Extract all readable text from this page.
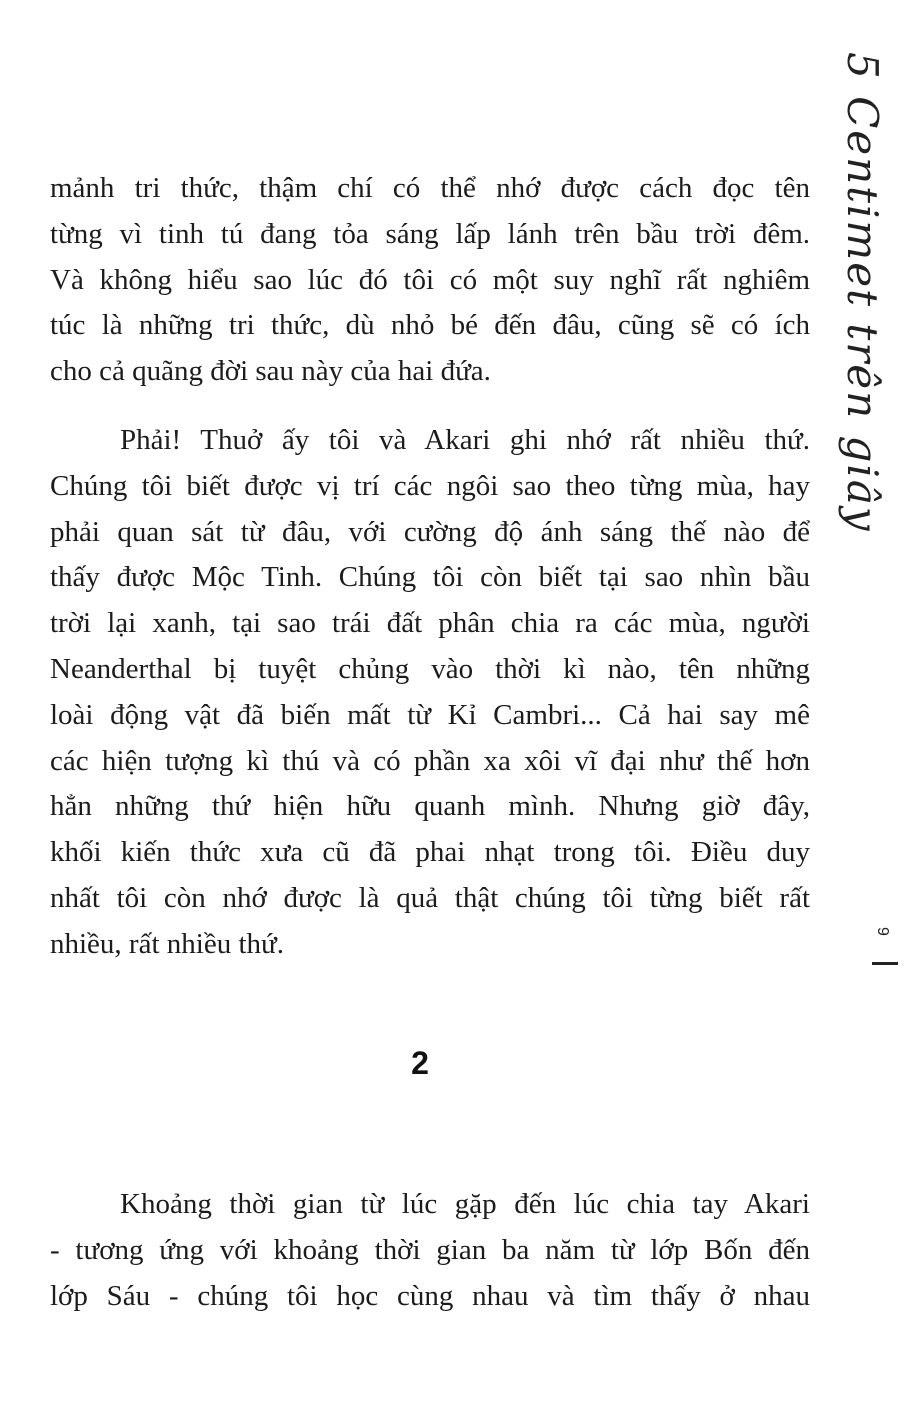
mảnh tri thức, thậm chí có thể nhớ được cách đọc tên
từng vì tinh tú đang tỏa sáng lấp lánh trên bầu trời đêm.
Và không hiểu sao lúc đó tôi có một suy nghĩ rất nghiêm
túc là những tri thức, dù nhỏ bé đến đâu, cũng sẽ có ích
cho cả quãng đời sau này của hai đứa.
Phải! Thuở ấy tôi và Akari ghi nhớ rất nhiều thứ.
Chúng tôi biết được vị trí các ngôi sao theo từng mùa, hay
phải quan sát từ đâu, với cường độ ánh sáng thế nào để
thấy được Mộc Tinh. Chúng tôi còn biết tại sao nhìn bầu
trời lại xanh, tại sao trái đất phân chia ra các mùa, người
Neanderthal bị tuyệt chủng vào thời kì nào, tên những
loài động vật đã biến mất từ Kỉ Cambri... Cả hai say mê
các hiện tượng kì thú và có phần xa xôi vĩ đại như thế hơn
hẳn những thứ hiện hữu quanh mình. Nhưng giờ đây,
khối kiến thức xưa cũ đã phai nhạt trong tôi. Điều duy
nhất tôi còn nhớ được là quả thật chúng tôi từng biết rất
nhiều, rất nhiều thứ.
2
Khoảng thời gian từ lúc gặp đến lúc chia tay Akari
- tương ứng với khoảng thời gian ba năm từ lớp Bốn đến
lớp Sáu - chúng tôi học cùng nhau và tìm thấy ở nhau
5 Centimet trên giây
9
